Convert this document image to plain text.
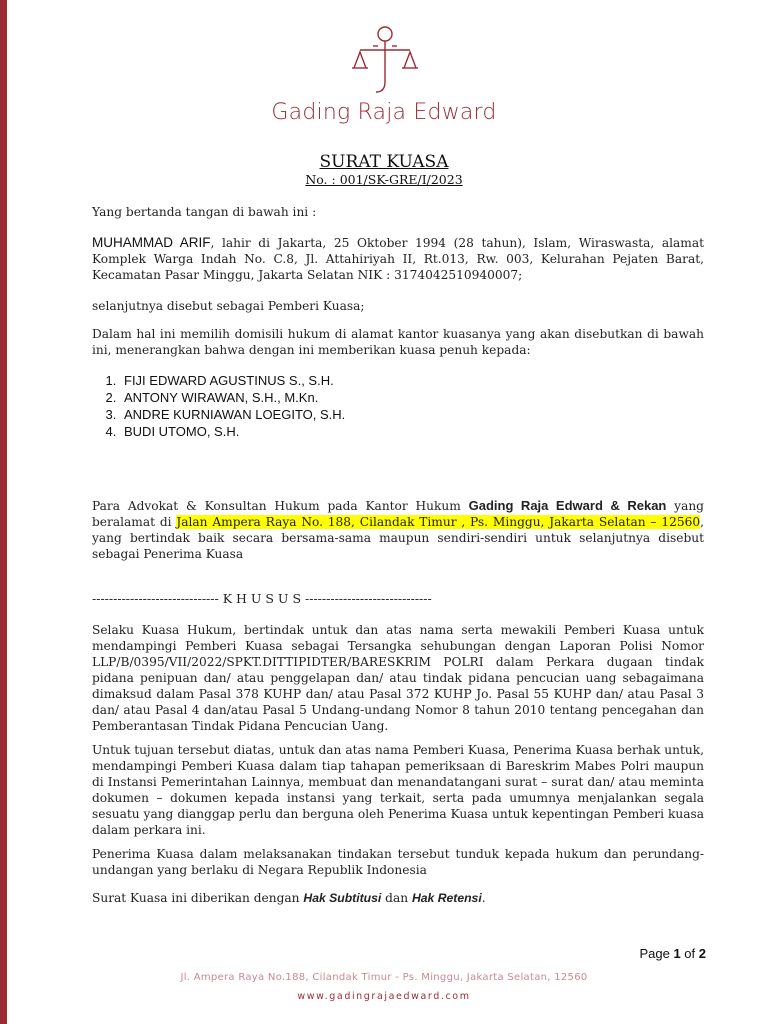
Gading Raja Edward
SURAT KUASA
No. : 001/SK-GRE/I/2023
Yang bertanda tangan di bawah ini :
MUHAMMAD ARIF, lahir di Jakarta, 25 Oktober 1994 (28 tahun), Islam, Wiraswasta, alamat Komplek Warga Indah No. C.8, Jl. Attahiriyah II, Rt.013, Rw. 003, Kelurahan Pejaten Barat, Kecamatan Pasar Minggu, Jakarta Selatan NIK : 3174042510940007;
selanjutnya disebut sebagai Pemberi Kuasa;
Dalam hal ini memilih domisili hukum di alamat kantor kuasanya yang akan disebutkan di bawah ini, menerangkan bahwa dengan ini memberikan kuasa penuh kepada:
1. FIJI EDWARD AGUSTINUS S., S.H.
2. ANTONY WIRAWAN, S.H., M.Kn.
3. ANDRE KURNIAWAN LOEGITO, S.H.
4. BUDI UTOMO, S.H.
Para Advokat & Konsultan Hukum pada Kantor Hukum Gading Raja Edward & Rekan yang beralamat di Jalan Ampera Raya No. 188, Cilandak Timur , Ps. Minggu, Jakarta Selatan – 12560, yang bertindak baik secara bersama-sama maupun sendiri-sendiri untuk selanjutnya disebut sebagai Penerima Kuasa
------------------------------ K H U S U S ------------------------------
Selaku Kuasa Hukum, bertindak untuk dan atas nama serta mewakili Pemberi Kuasa untuk mendampingi Pemberi Kuasa sebagai Tersangka sehubungan dengan Laporan Polisi Nomor LLP/B/0395/VII/2022/SPKT.DITTIPIDTER/BARESKRIM POLRI dalam Perkara dugaan tindak pidana penipuan dan/ atau penggelapan dan/ atau tindak pidana pencucian uang sebagaimana dimaksud dalam Pasal 378 KUHP dan/ atau Pasal 372 KUHP Jo. Pasal 55 KUHP dan/ atau Pasal 3 dan/ atau Pasal 4 dan/atau Pasal 5 Undang-undang Nomor 8 tahun 2010 tentang pencegahan dan Pemberantasan Tindak Pidana Pencucian Uang.
Untuk tujuan tersebut diatas, untuk dan atas nama Pemberi Kuasa, Penerima Kuasa berhak untuk, mendampingi Pemberi Kuasa dalam tiap tahapan pemeriksaan di Bareskrim Mabes Polri maupun di Instansi Pemerintahan Lainnya, membuat dan menandatangani surat – surat dan/ atau meminta dokumen – dokumen kepada instansi yang terkait, serta pada umumnya menjalankan segala sesuatu yang dianggap perlu dan berguna oleh Penerima Kuasa untuk kepentingan Pemberi kuasa dalam perkara ini.
Penerima Kuasa dalam melaksanakan tindakan tersebut tunduk kepada hukum dan perundang-undangan yang berlaku di Negara Republik Indonesia
Surat Kuasa ini diberikan dengan Hak Subtitusi dan Hak Retensi.
Page 1 of 2
Jl. Ampera Raya No.188, Cilandak Timur - Ps. Minggu, Jakarta Selatan, 12560
www.gadingrajaedward.com
